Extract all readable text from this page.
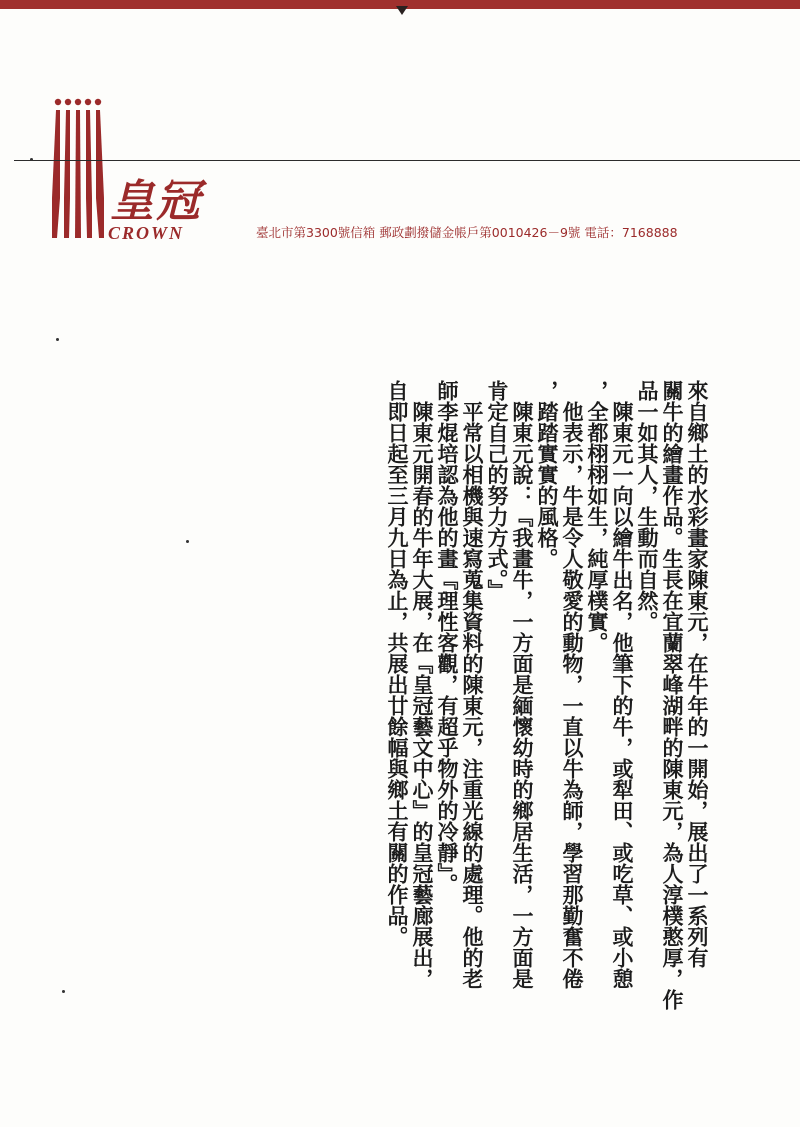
皇冠
CROWN	臺北市第3300號信箱 郵政劃撥儲金帳戶第0010426－9號 電話：7168888

來自鄉土的水彩畫家陳東元，在牛年的一開始，展出了一系列有

關牛的繪畫作品。生長在宜蘭翠峰湖畔的陳東元，為人淳樸憨厚，作

品一如其人，生動而自然。

　陳東元一向以繪牛出名，他筆下的牛，或犁田、或吃草、或小憩

，全都栩栩如生，純厚樸實。

　他表示，牛是令人敬愛的動物，一直以牛為師，學習那勤奮不倦

，踏踏實實的風格。

　陳東元說：『我畫牛，一方面是緬懷幼時的鄉居生活，一方面是

肯定自己的努力方式。』

　平常以相機與速寫蒐集資料的陳東元，注重光線的處理。他的老

師李焜培認為他的畫『理性客觀，有超乎物外的冷靜』。

　陳東元開春的牛年大展，在『皇冠藝文中心』的皇冠藝廊展出，

自即日起至三月九日為止，共展出廿餘幅與鄉土有關的作品。
